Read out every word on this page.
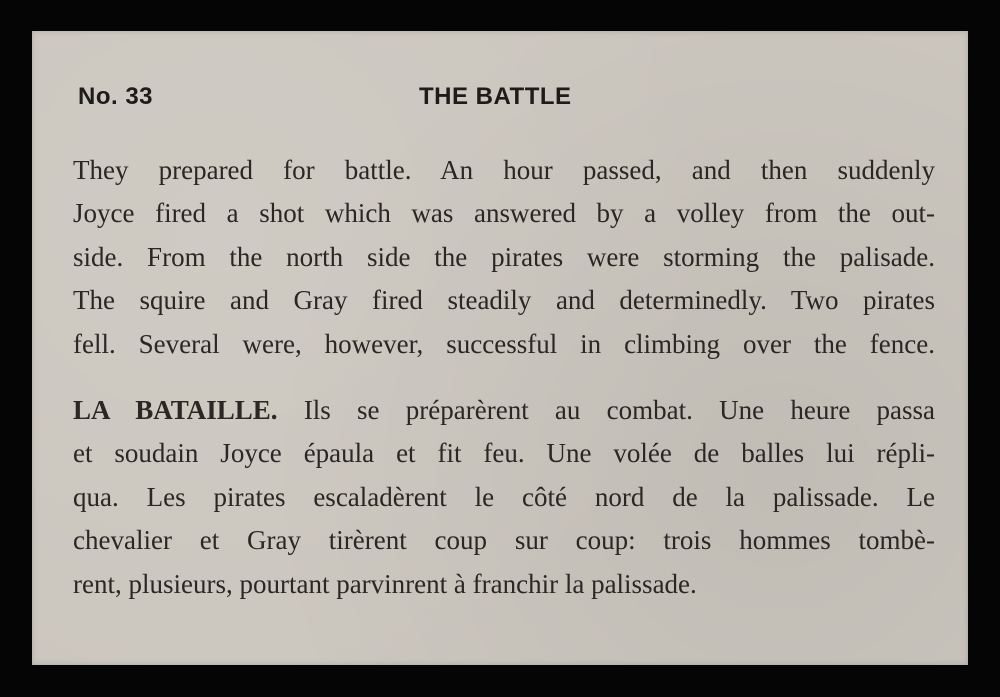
No. 33	THE BATTLE
They prepared for battle. An hour passed, and then suddenly
Joyce fired a shot which was answered by a volley from the out-
side. From the north side the pirates were storming the palisade.
The squire and Gray fired steadily and determinedly. Two pirates
fell. Several were, however, successful in climbing over the fence.
LA BATAILLE. Ils se préparèrent au combat. Une heure passa
et soudain Joyce épaula et fit feu. Une volée de balles lui répli-
qua. Les pirates escaladèrent le côté nord de la palissade. Le
chevalier et Gray tirèrent coup sur coup: trois hommes tombè-
rent, plusieurs, pourtant parvinrent à franchir la palissade.
